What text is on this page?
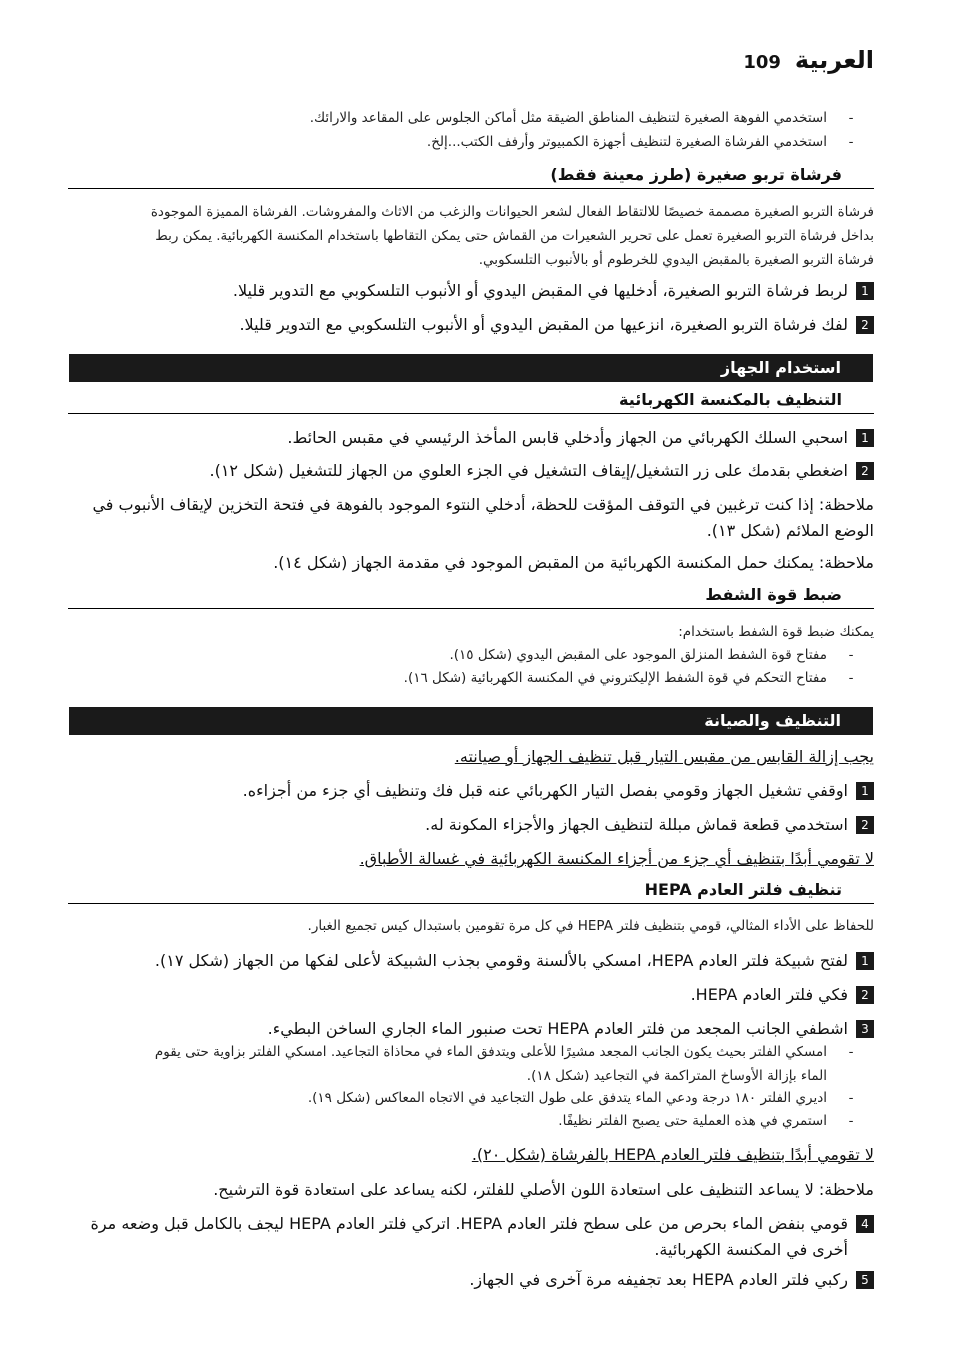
العربية
109
-
استخدمي الفوهة الصغيرة لتنظيف المناطق الضيقة مثل أماكن الجلوس على المقاعد والارائك.
-
استخدمي الفرشاة الصغيرة لتنظيف أجهزة الكمبيوتر وأرفف الكتب...إلخ.
فرشاة تربو صغيرة (طرز معينة فقط)
فرشاة التربو الصغيرة مصممة خصيصًا للالتقاط الفعال لشعر الحيوانات والزغب من الاثاث والمفروشات. الفرشاة المميزة الموجودة
بداخل فرشاة التربو الصغيرة تعمل على تحرير الشعيرات من القماش حتى يمكن التقاطها باستخدام المكنسة الكهربائية. يمكن ربط
فرشاة التربو الصغيرة بالمقبض اليدوي للخرطوم أو بالأنبوب التلسكوبي.
1
لربط فرشاة التربو الصغيرة، أدخليها في المقبض اليدوي أو الأنبوب التلسكوبي مع التدوير قليلا.
2
لفك فرشاة التربو الصغيرة، انزعيها من المقبض اليدوي أو الأنبوب التلسكوبي مع التدوير قليلا.
استخدام الجهاز
التنظيف بالمكنسة الكهربائية
1
اسحبي السلك الكهربائي من الجهاز وأدخلي قابس المأخذ الرئيسي في مقبس الحائط.
2
اضغطي بقدمك على زر التشغيل/إيقاف التشغيل في الجزء العلوي من الجهاز للتشغيل (شكل ١٢).
ملاحظة: إذا كنت ترغبين في التوقف المؤقت للحظة، أدخلي النتوء الموجود بالفوهة في فتحة التخزين لإيقاف الأنبوب في
الوضع الملائم (شكل ١٣).
ملاحظة: يمكنك حمل المكنسة الكهربائية من المقبض الموجود في مقدمة الجهاز (شكل ١٤).
ضبط قوة الشفط
يمكنك ضبط قوة الشفط باستخدام:
-
مفتاح قوة الشفط المنزلق الموجود على المقبض اليدوي (شكل ١٥).
-
مفتاح التحكم في قوة الشفط الإليكتروني في المكنسة الكهربائية (شكل ١٦).
التنظيف والصيانة
يجب إزالة القابس من مقبس التيار قبل تنظيف الجهاز أو صيانته.
1
اوقفي تشغيل الجهاز وقومي بفصل التيار الكهربائي عنه قبل فك وتنظيف أي جزء من أجزاءه.
2
استخدمي قطعة قماش مبللة لتنظيف الجهاز والأجزاء المكونة له.
لا تقومي أبدًا بتنظيف أي جزء من أجزاء المكنسة الكهربائية في غسالة الأطباق.
تنظيف فلتر العادم HEPA
للحفاظ على الأداء المثالي، قومي بتنظيف فلتر HEPA في كل مرة تقومين باستبدال كيس تجميع الغبار.
1
لفتح شبيكة فلتر العادم HEPA، امسكي بالألسنة وقومي بجذب الشبيكة لأعلى لفكها من الجهاز (شكل ١٧).
2
فكي فلتر العادم HEPA.
3
اشطفي الجانب المجعد من فلتر العادم HEPA تحت صنبور الماء الجاري الساخن البطيء.
-
امسكي الفلتر بحيث يكون الجانب المجعد مشيرًا للأعلى ويتدفق الماء في محاذاة التجاعيد. امسكي الفلتر بزاوية حتى يقوم
الماء بإزالة الأوساخ المتراكمة في التجاعيد (شكل ١٨).
-
اديري الفلتر ١٨٠ درجة ودعي الماء يتدفق على طول التجاعيد في الاتجاه المعاكس (شكل ١٩).
-
استمري في هذه العملية حتى يصبح الفلتر نظيفًا.
لا تقومي أبدًا بتنظيف فلتر العادم HEPA بالفرشاة (شكل ٢٠).
ملاحظة: لا يساعد التنظيف على استعادة اللون الأصلي للفلتر، لكنه يساعد على استعادة قوة الترشيح.
4
قومي بنفض الماء بحرص من على سطح فلتر العادم HEPA. اتركي فلتر العادم HEPA ليجف بالكامل قبل وضعه مرة
أخرى في المكنسة الكهربائية.
5
ركبي فلتر العادم HEPA بعد تجفيفه مرة آخرى في الجهاز.
